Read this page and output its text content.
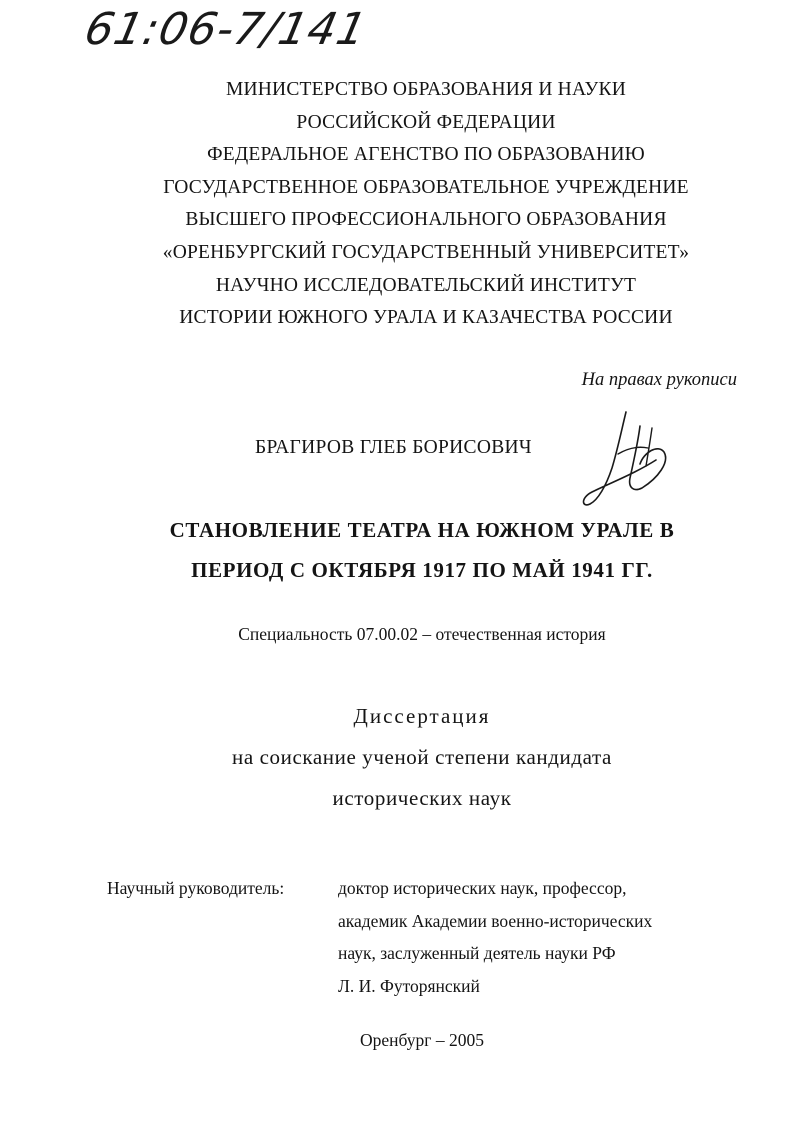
61:06-7/141
МИНИСТЕРСТВО ОБРАЗОВАНИЯ И НАУКИ
РОССИЙСКОЙ ФЕДЕРАЦИИ
ФЕДЕРАЛЬНОЕ АГЕНСТВО ПО ОБРАЗОВАНИЮ
ГОСУДАРСТВЕННОЕ ОБРАЗОВАТЕЛЬНОЕ УЧРЕЖДЕНИЕ
ВЫСШЕГО ПРОФЕССИОНАЛЬНОГО ОБРАЗОВАНИЯ
«ОРЕНБУРГСКИЙ ГОСУДАРСТВЕННЫЙ УНИВЕРСИТЕТ»
НАУЧНО ИССЛЕДОВАТЕЛЬСКИЙ ИНСТИТУТ
ИСТОРИИ ЮЖНОГО УРАЛА И КАЗАЧЕСТВА РОССИИ
На правах рукописи
БРАГИРОВ ГЛЕБ БОРИСОВИЧ
СТАНОВЛЕНИЕ ТЕАТРА НА ЮЖНОМ УРАЛЕ В
ПЕРИОД С ОКТЯБРЯ 1917 ПО МАЙ 1941 ГГ.
Специальность 07.00.02 – отечественная история
Диссертация
на соискание ученой степени кандидата
исторических наук
Научный руководитель:	доктор исторических наук, профессор,
академик Академии военно-исторических
наук, заслуженный деятель науки РФ
Л. И. Футорянский
Оренбург – 2005
